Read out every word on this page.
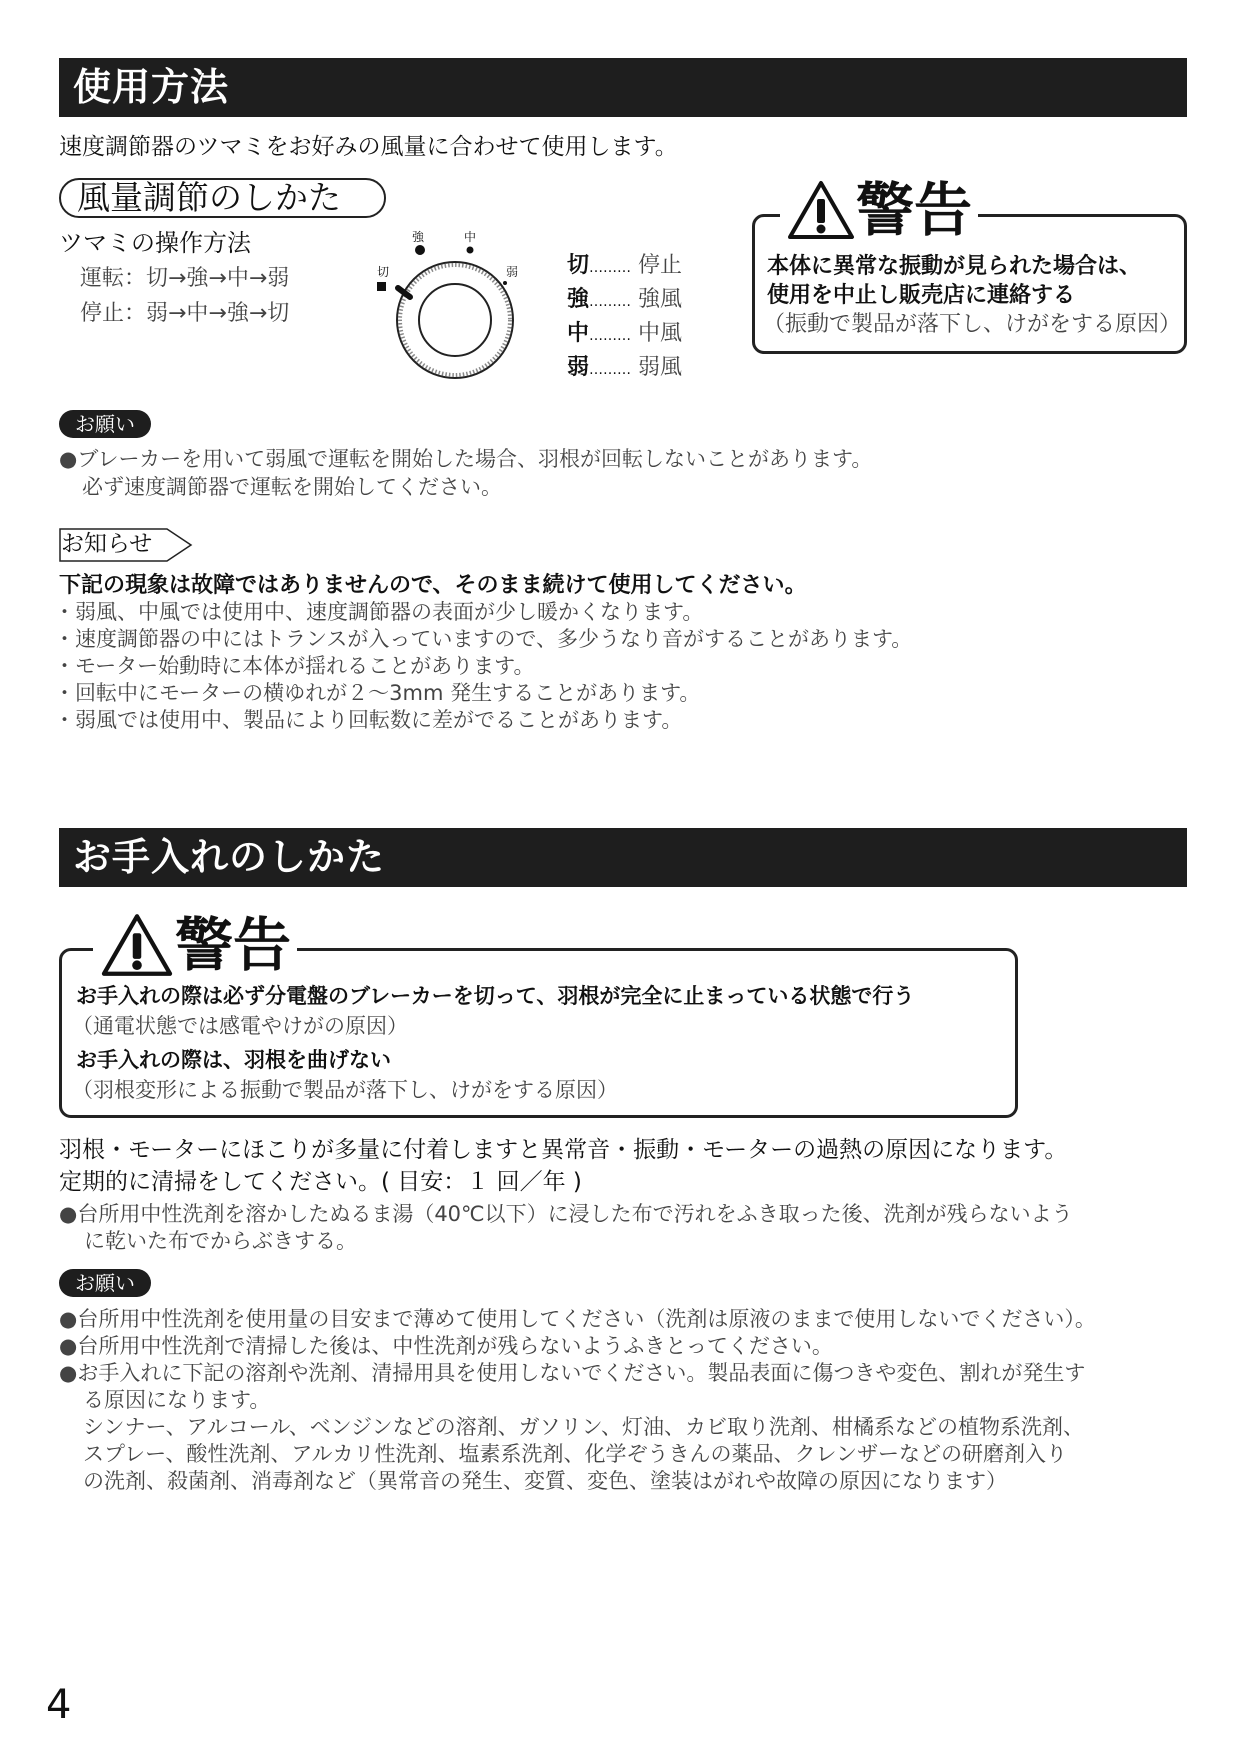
使用方法
速度調節器のツマミをお好みの風量に合わせて使用します。
風量調節のしかた
ツマミの操作方法
運転：切→強→中→弱
停止：弱→中→強→切
強	中
切	弱 切……… 停止
強……… 強風
中……… 中風
弱……… 弱風
本体に異常な振動が見られた場合は、
使用を中止し販売店に連絡する
（振動で製品が落下し、けがをする原因）
警告
お願い
●ブレーカーを用いて弱風で運転を開始した場合、羽根が回転しないことがあります。
必ず速度調節器で運転を開始してください。
お知らせ
下記の現象は故障ではありませんので、そのまま続けて使用してください。
・弱風、中風では使用中、速度調節器の表面が少し暖かくなります。
・速度調節器の中にはトランスが入っていますので、多少うなり音がすることがあります。
・モーター始動時に本体が揺れることがあります。
・回転中にモーターの横ゆれが２～3mm 発生することがあります。
・弱風では使用中、製品により回転数に差がでることがあります。
お手入れのしかた
お手入れの際は必ず分電盤のブレーカーを切って、羽根が完全に止まっている状態で行う
（通電状態では感電やけがの原因）
お手入れの際は、羽根を曲げない
（羽根変形による振動で製品が落下し、けがをする原因）
警告
羽根・モーターにほこりが多量に付着しますと異常音・振動・モーターの過熱の原因になります。
定期的に清掃をしてください。( 目安：１ 回／年 )
●台所用中性洗剤を溶かしたぬるま湯（40℃以下）に浸した布で汚れをふき取った後、洗剤が残らないよう
に乾いた布でからぶきする。
お願い
●台所用中性洗剤を使用量の目安まで薄めて使用してください（洗剤は原液のままで使用しないでください）。
●台所用中性洗剤で清掃した後は、中性洗剤が残らないようふきとってください。
●お手入れに下記の溶剤や洗剤、清掃用具を使用しないでください。製品表面に傷つきや変色、割れが発生す
る原因になります。
シンナー、アルコール、ベンジンなどの溶剤、ガソリン、灯油、カビ取り洗剤、柑橘系などの植物系洗剤、
スプレー、酸性洗剤、アルカリ性洗剤、塩素系洗剤、化学ぞうきんの薬品、クレンザーなどの研磨剤入り
の洗剤、殺菌剤、消毒剤など（異常音の発生、変質、変色、塗装はがれや故障の原因になります）
4
